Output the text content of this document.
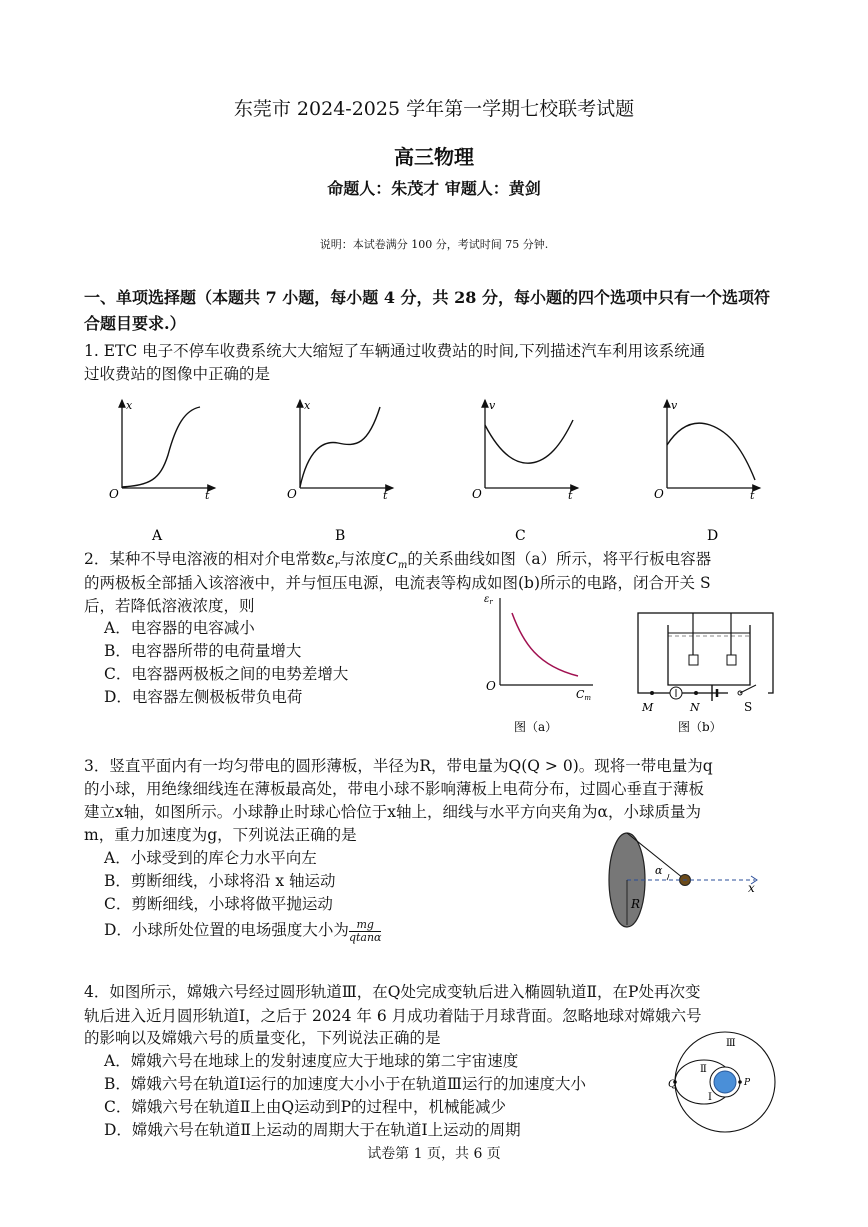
东莞市 2024-2025 学年第一学期七校联考试题
高三物理
命题人：朱茂才 审题人：黄剑
说明：本试卷满分 100 分，考试时间 75 分钟.
一、单项选择题（本题共 7 小题，每小题 4 分，共 28 分，每小题的四个选项中只有一个选项符合题目要求.）
1. ETC 电子不停车收费系统大大缩短了车辆通过收费站的时间,下列描述汽车利用该系统通
过收费站的图像中正确的是
x
t
O
A
x
t
O
B
v
t
O
C
v
t
O
D
2．某种不导电溶液的相对介电常数$\varepsilon_r$与浓度$C_m$的关系曲线如图（a）所示，将平行板电容器
的两极板全部插入该溶液中，并与恒压电源，电流表等构成如图(b)所示的电路，闭合开关 S
后，若降低溶液浓度，则
A．电容器的电容减小
B．电容器所带的电荷量增大
C．电容器两极板之间的电势差增大
D．电容器左侧极板带负电荷
$\varepsilon_r$
Cm
O
图（a）
M	N	S
图（b）
3．竖直平面内有一均匀带电的圆形薄板，半径为R，带电量为Q(Q > 0)。现将一带电量为q
的小球，用绝缘细线连在薄板最高处，带电小球不影响薄板上电荷分布，过圆心垂直于薄板
建立x轴，如图所示。小球静止时球心恰位于x轴上，细线与水平方向夹角为α，小球质量为
m，重力加速度为g，下列说法正确的是
A．小球受到的库仑力水平向左
B．剪断细线，小球将沿 x 轴运动
C．剪断细线，小球将做平抛运动
D．小球所处位置的电场强度大小为 $\frac{mg}{qtan\alpha}$
α
x
R
4．如图所示，嫦娥六号经过圆形轨道Ⅲ，在Q处完成变轨后进入椭圆轨道Ⅱ，在P处再次变
轨后进入近月圆形轨道Ⅰ，之后于 2024 年 6 月成功着陆于月球背面。忽略地球对嫦娥六号
的影响以及嫦娥六号的质量变化，下列说法正确的是
A．嫦娥六号在地球上的发射速度应大于地球的第二宇宙速度
B．嫦娥六号在轨道Ⅰ运行的加速度大小小于在轨道Ⅲ运行的加速度大小
C．嫦娥六号在轨道Ⅱ上由Q运动到P的过程中，机械能减少
D．嫦娥六号在轨道Ⅱ上运动的周期大于在轨道Ⅰ上运动的周期
Ⅲ
Ⅱ
Ⅰ
Q	P
试卷第 1 页，共 6 页
